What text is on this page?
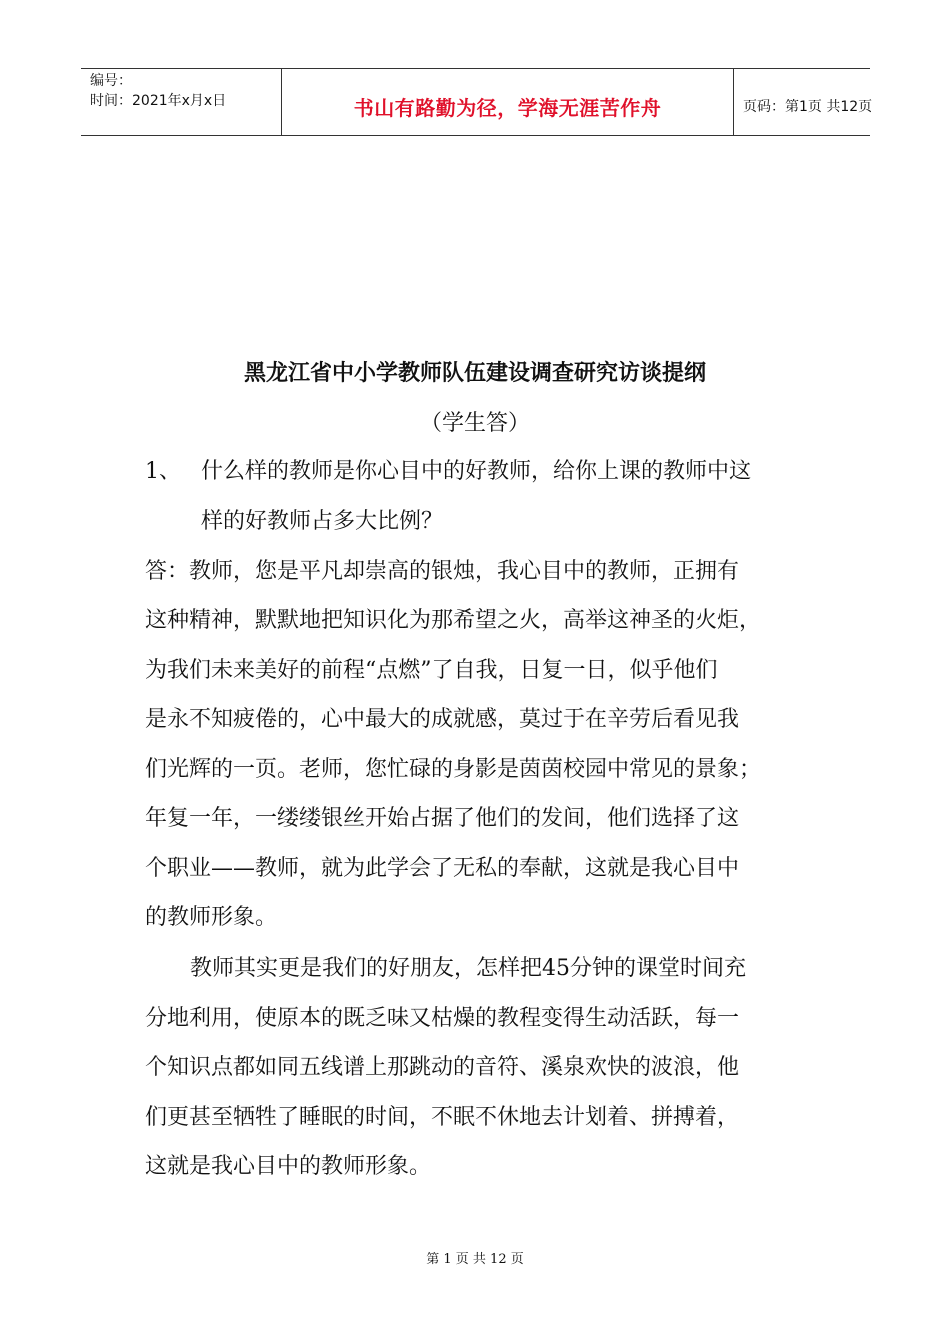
编号：
时间：2021年x月x日	书山有路勤为径，学海无涯苦作舟	页码：第1页 共12页
黑龙江省中小学教师队伍建设调查研究访谈提纲
（学生答）
1、 什么样的教师是你心目中的好教师，给你上课的教师中这
样的好教师占多大比例？
答：教师，您是平凡却崇高的银烛，我心目中的教师，正拥有
这种精神，默默地把知识化为那希望之火，高举这神圣的火炬，
为我们未来美好的前程“点燃”了自我，日复一日，似乎他们
是永不知疲倦的，心中最大的成就感，莫过于在辛劳后看见我
们光辉的一页。老师，您忙碌的身影是茵茵校园中常见的景象；
年复一年，一缕缕银丝开始占据了他们的发间，他们选择了这
个职业——教师，就为此学会了无私的奉献，这就是我心目中
的教师形象。
教师其实更是我们的好朋友，怎样把45分钟的课堂时间充
分地利用，使原本的既乏味又枯燥的教程变得生动活跃，每一
个知识点都如同五线谱上那跳动的音符、溪泉欢快的波浪，他
们更甚至牺牲了睡眠的时间，不眠不休地去计划着、拼搏着，
这就是我心目中的教师形象。
第 1 页 共 12 页
